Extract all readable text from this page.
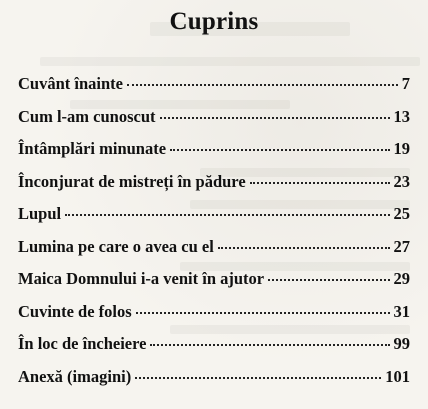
Cuprins
Cuvânt înainte	7
Cum l-am cunoscut	13
Întâmplări minunate	19
Înconjurat de mistreți în pădure	23
Lupul	25
Lumina pe care o avea cu el	27
Maica Domnului i-a venit în ajutor	29
Cuvinte de folos	31
În loc de încheiere	99
Anexă (imagini)	101
